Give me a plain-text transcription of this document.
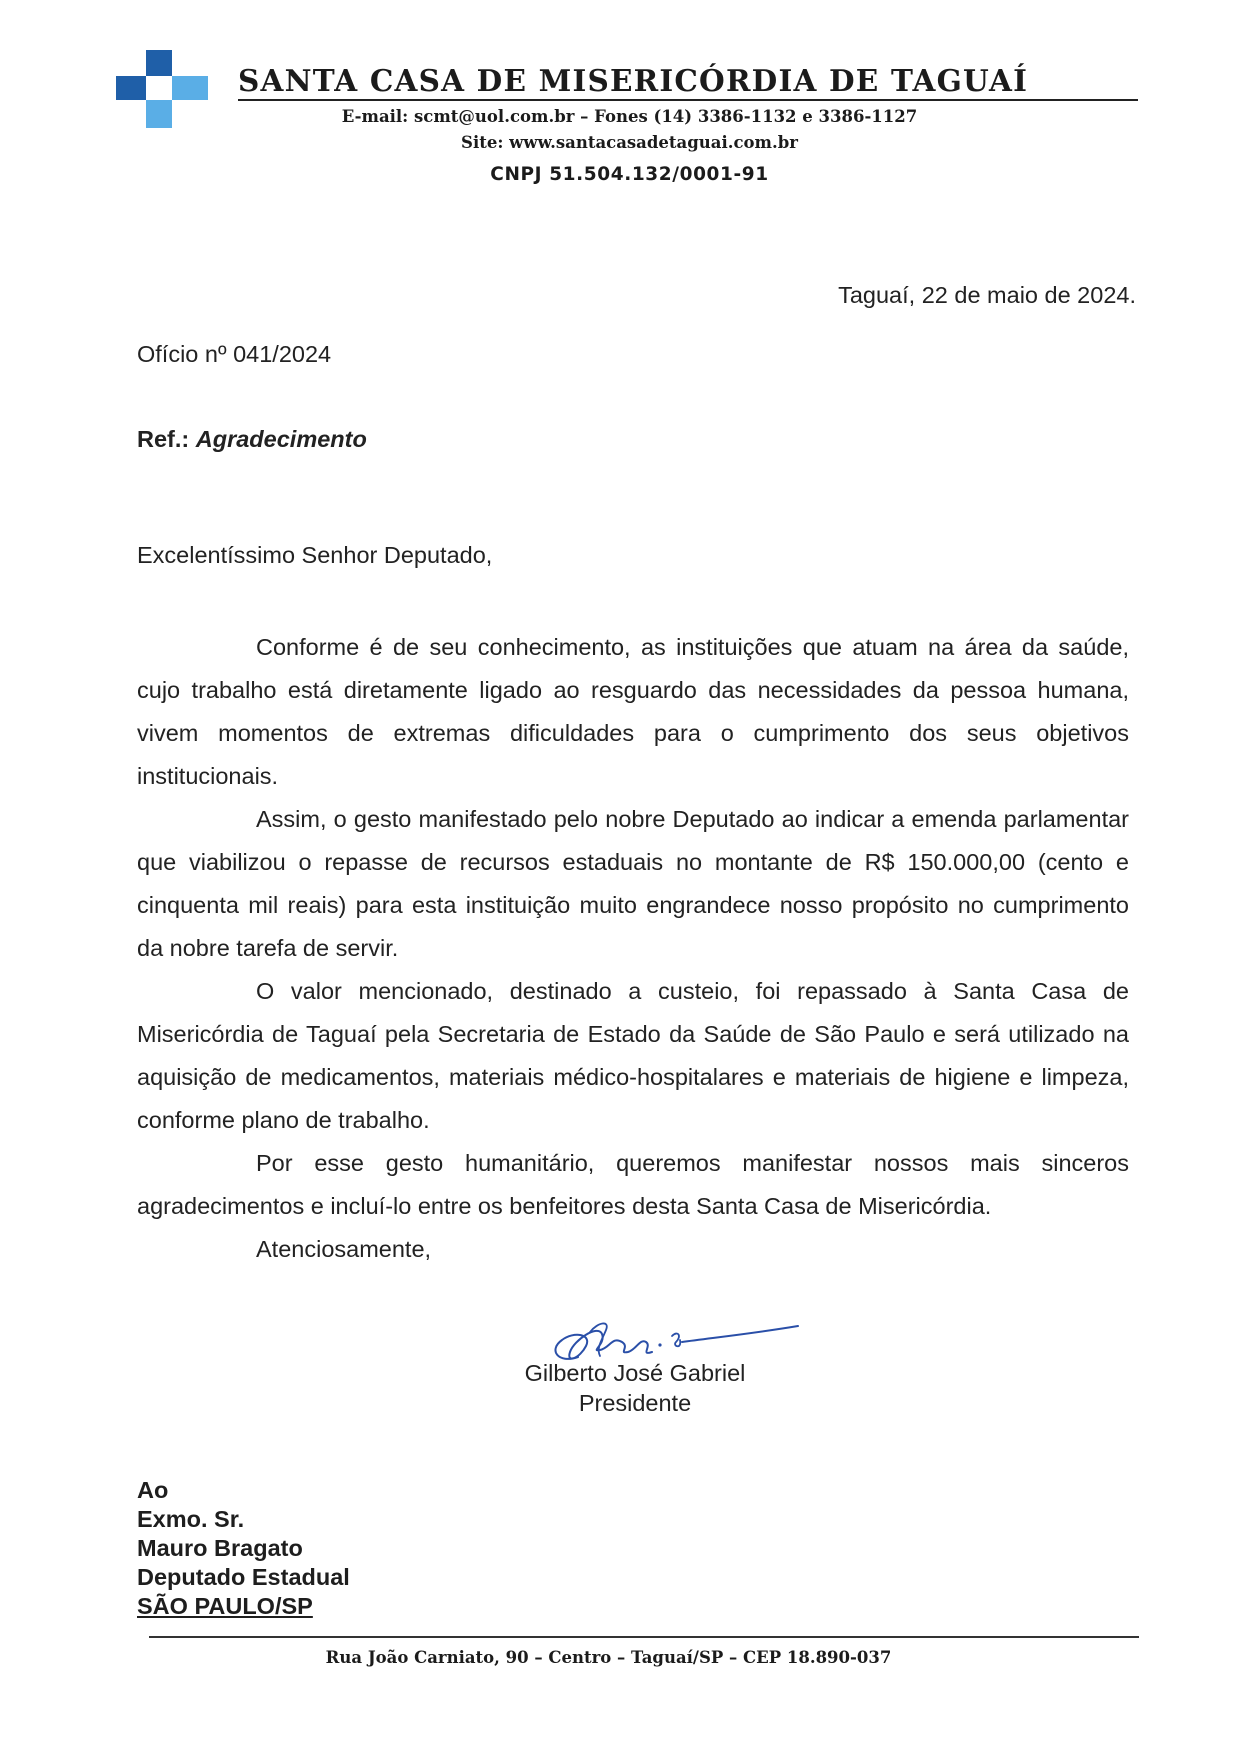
SANTA CASA DE MISERICÓRDIA DE TAGUAÍ
E-mail: scmt@uol.com.br – Fones (14) 3386-1132 e 3386-1127
Site: www.santacasadetaguai.com.br
CNPJ 51.504.132/0001-91
Taguaí, 22 de maio de 2024.
Ofício nº 041/2024
Ref.: Agradecimento
Excelentíssimo Senhor Deputado,

Conforme é de seu conhecimento, as instituições que atuam na área da saúde, cujo trabalho está diretamente ligado ao resguardo das necessidades da pessoa humana, vivem momentos de extremas dificuldades para o cumprimento dos seus objetivos institucionais.

Assim, o gesto manifestado pelo nobre Deputado ao indicar a emenda parlamentar que viabilizou o repasse de recursos estaduais no montante de R$ 150.000,00 (cento e cinquenta mil reais) para esta instituição muito engrandece nosso propósito no cumprimento da nobre tarefa de servir.

O valor mencionado, destinado a custeio, foi repassado à Santa Casa de Misericórdia de Taguaí pela Secretaria de Estado da Saúde de São Paulo e será utilizado na aquisição de medicamentos, materiais médico-hospitalares e materiais de higiene e limpeza, conforme plano de trabalho.

Por esse gesto humanitário, queremos manifestar nossos mais sinceros agradecimentos e incluí-lo entre os benfeitores desta Santa Casa de Misericórdia.

Atenciosamente,

Gilberto José Gabriel
Presidente
Ao
Exmo. Sr.
Mauro Bragato
Deputado Estadual
SÃO PAULO/SP
Rua João Carniato, 90 – Centro – Taguaí/SP – CEP 18.890-037
